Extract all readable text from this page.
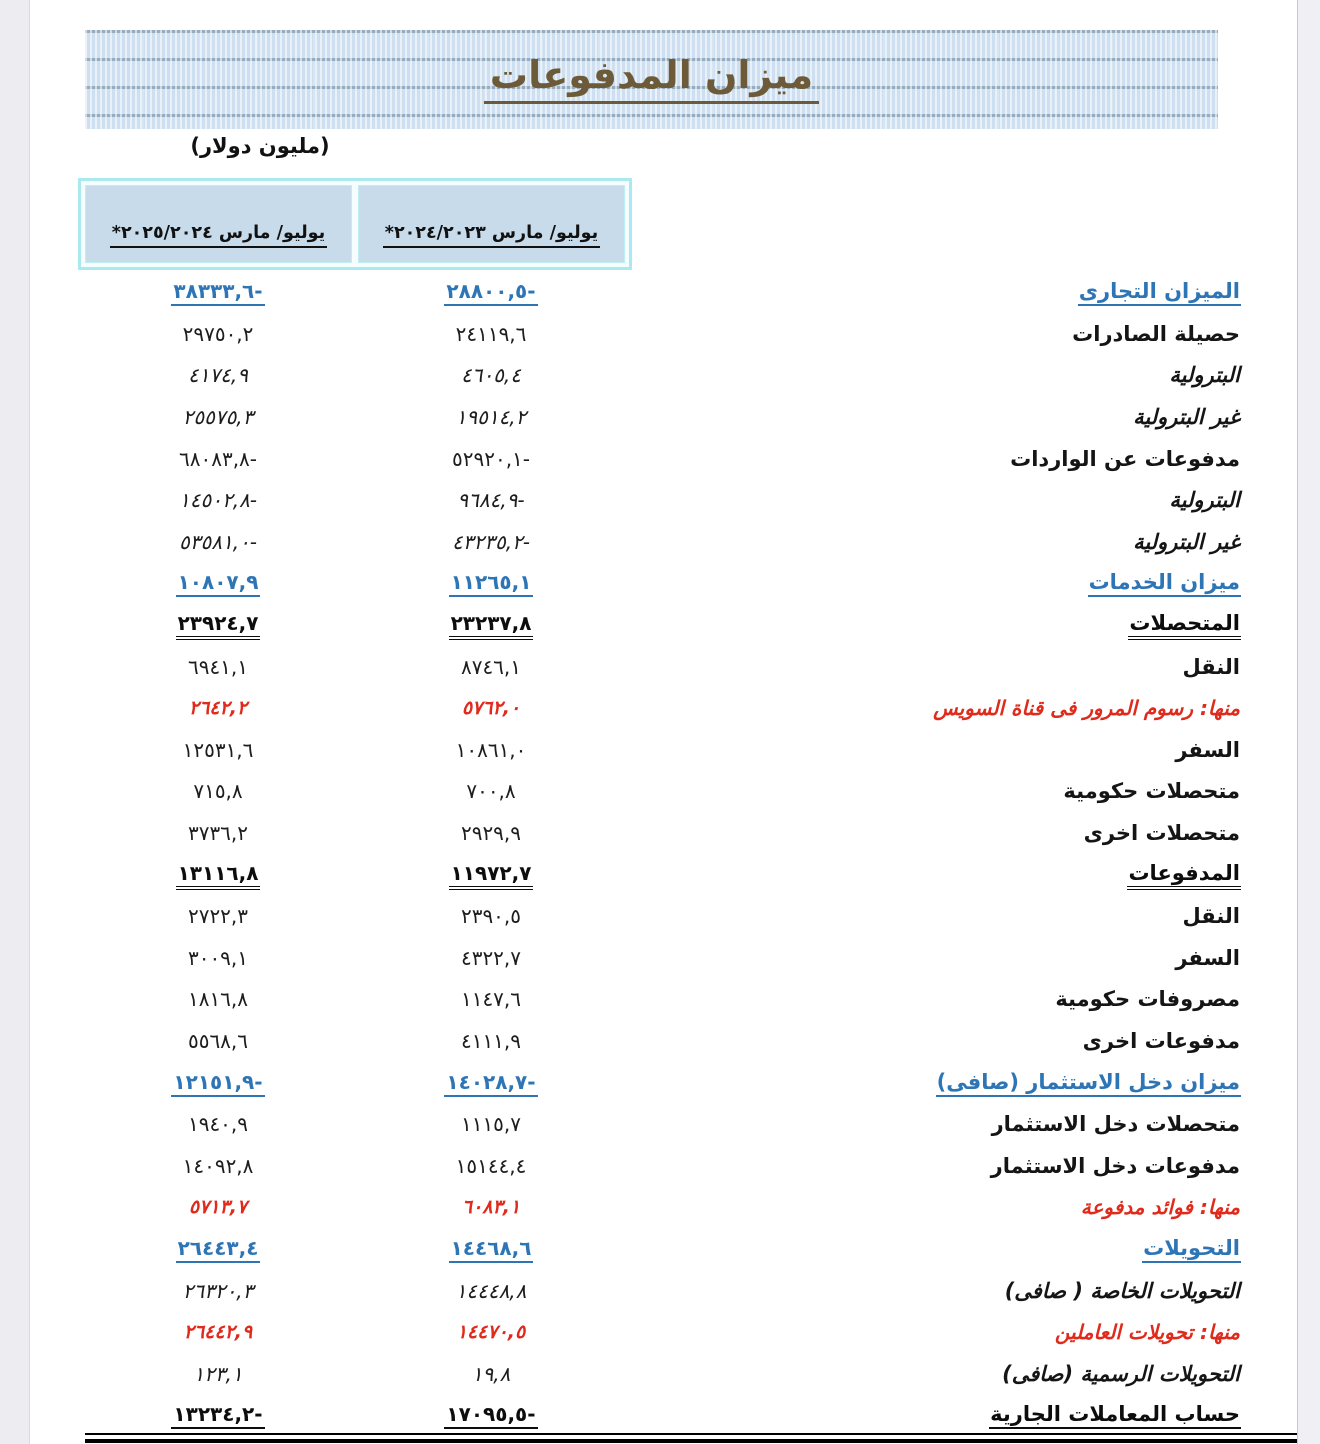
ميزان المدفوعات
(مليون دولار)
يوليو/ مارس ٢٠٢٥/٢٠٢٤*	يوليو/ مارس ٢٠٢٤/٢٠٢٣*
٣٨٣٣٣,٦-	٢٨٨٠٠,٥-	الميزان التجارى
٢٩٧٥٠,٢	٢٤١١٩,٦	حصيلة الصادرات
٤١٧٤,٩	٤٦٠٥,٤	البترولية
٢٥٥٧٥,٣	١٩٥١٤,٢	غير البترولية
٦٨٠٨٣,٨-	٥٢٩٢٠,١-	مدفوعات عن الواردات
١٤٥٠٢,٨-	٩٦٨٤,٩-	البترولية
٥٣٥٨١,٠-	٤٣٢٣٥,٢-	غير البترولية
١٠٨٠٧,٩	١١٢٦٥,١	ميزان الخدمات
٢٣٩٢٤,٧	٢٣٢٣٧,٨	المتحصلات
٦٩٤١,١	٨٧٤٦,١	النقل
٢٦٤٢,٢	٥٧٦٢,٠	منها: رسوم المرور فى قناة السويس
١٢٥٣١,٦	١٠٨٦١,٠	السفر
٧١٥,٨	٧٠٠,٨	متحصلات حكومية
٣٧٣٦,٢	٢٩٢٩,٩	متحصلات اخرى
١٣١١٦,٨	١١٩٧٢,٧	المدفوعات
٢٧٢٢,٣	٢٣٩٠,٥	النقل
٣٠٠٩,١	٤٣٢٢,٧	السفر
١٨١٦,٨	١١٤٧,٦	مصروفات حكومية
٥٥٦٨,٦	٤١١١,٩	مدفوعات اخرى
١٢١٥١,٩-	١٤٠٢٨,٧-	ميزان دخل الاستثمار (صافى)
١٩٤٠,٩	١١١٥,٧	متحصلات دخل الاستثمار
١٤٠٩٢,٨	١٥١٤٤,٤	مدفوعات دخل الاستثمار
٥٧١٣,٧	٦٠٨٣,١	منها: فوائد مدفوعة
٢٦٤٤٣,٤	١٤٤٦٨,٦	التحويلات
٢٦٣٢٠,٣	١٤٤٤٨,٨	التحويلات الخاصة ( صافى)
٢٦٤٤٢,٩	١٤٤٧٠,٥	منها: تحويلات العاملين
١٢٣,١	١٩,٨	التحويلات الرسمية (صافى)
١٣٢٣٤,٢-	١٧٠٩٥,٥-	حساب المعاملات الجارية
